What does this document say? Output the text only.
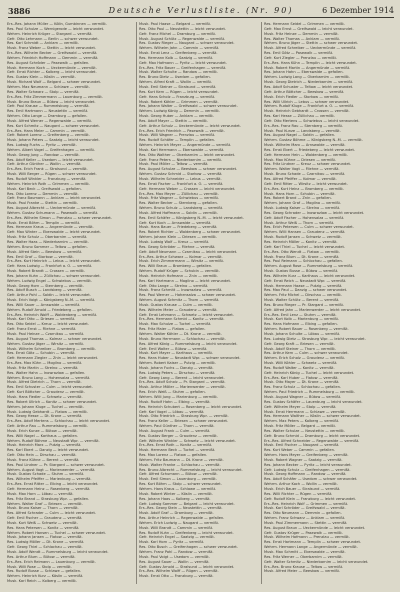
3886	Deutsche Verlustliste. (Nr. 90)	6 Dezember 1914
Ers.-Res. Johann Müller — Kölln, Gumbinnen — vermißt.
Res. Paul Schulze — Wernigerode — leicht verwundet.
Wehrm. Heinrich Krüger — Stargard — vermißt.
Gefr. Otto Lehmann — Berlin — schwer verwundet.
Res. Karl Schmidt — Anklam — vermißt.
Musk. Franz Weber — Stettin — leicht verwundet.
Ers.-Res. Wilhelm Becker — Greifswald — vermißt.
Wehrm. Friedrich Hoffmann — Demmin — vermißt.
Res. August Schröder — Pasewalk — gefallen.
Musk. Hermann Koch — Ueckermünde — vermißt.
Gefr. Ernst Richter — Kolberg — leicht verwundet.
Res. Gustav Klein — Köslin — vermißt.
Musk. Richard Wolf — Belgard — schwer verwundet.
Wehrm. Max Neumann — Schlawe — vermißt.
Res. Walter Schwarz — Stolp — vermißt.
Ers.-Res. Fritz Zimmermann — Lauenburg — vermißt.
Musk. Bruno Braun — Bütow — leicht verwundet.
Gefr. Paul Krause — Rummelsburg — vermißt.
Res. Emil Hartmann — Neustettin — vermißt.
Wehrm. Otto Lange — Dramburg — gefallen.
Musk. Alfred Werner — Regenwalde — vermißt.
Res. Kurt Schmitz — Naugard — schwer verwundet.
Ers.-Res. Hans Meier — Cammin — vermißt.
Gefr. Robert Lorenz — Greifenberg — vermißt.
Musk. Johann Peters — Saatzig — leicht verwundet.
Res. Ludwig Fuchs — Pyritz — vermißt.
Wehrm. Albert Vogel — Greifenhagen — vermißt.
Musk. Georg Jung — Randow — vermißt.
Res. Adolf Keller — Usedom — leicht verwundet.
Gefr. Arthur Günther — Wollin — vermißt.
Ers.-Res. Erich Frank — Stralsund — vermißt.
Musk. Willi Berger — Rügen — schwer verwundet.
Res. Rudolf Winkler — Franzburg — vermißt.
Wehrm. Heinrich Roth — Grimmen — vermißt.
Musk. Karl Beck — Greifswald — gefallen.
Res. Otto Lorenz — Demmin — vermißt.
Gefr. Franz Baumann — Anklam — leicht verwundet.
Musk. Paul Franke — Stettin — vermißt.
Res. August Albrecht — Ueckermünde — vermißt.
Wehrm. Gustav Schumann — Pasewalk — vermißt.
Ers.-Res. Wilhelm Simon — Prenzlau — schwer verwundet.
Musk. Ernst Böhm — Templin — vermißt.
Res. Hermann Kraus — Angermünde — vermißt.
Gefr. Max Winter — Eberswalde — leicht verwundet.
Musk. Fritz Schulz — Oberbarnim — vermißt.
Res. Walter Haas — Niederbarnim — vermißt.
Wehrm. Bruno Sommer — Teltow — gefallen.
Musk. Alfred Stein — Beeskow — vermißt.
Res. Emil Graf — Storkow — vermißt.
Ers.-Res. Kurt Heinrich — Lebus — leicht verwundet.
Gefr. Hans Ludwig — Frankfurt a. O. — vermißt.
Musk. Robert Brandt — Crossen — vermißt.
Res. Johann Kuhn — Züllichau — schwer verwundet.
Wehrm. Ludwig Engel — Schwiebus — vermißt.
Musk. Georg Horn — Sternberg — vermißt.
Res. Adolf Busch — Landsberg — vermißt.
Gefr. Arthur Pohl — Soldin — leicht verwundet.
Musk. Erich Voigt — Königsberg N.-M. — vermißt.
Res. Willi Sauer — Arnswalde — vermißt.
Wehrm. Rudolf Arnold — Friedeberg — gefallen.
Ers.-Res. Heinrich Wolff — Woldenberg — vermißt.
Musk. Karl Otto — Driesen — vermißt.
Res. Otto Seidel — Kreuz — leicht verwundet.
Gefr. Franz Ernst — Filehne — vermißt.
Musk. Paul Heinze — Czarnikau — vermißt.
Res. August Thomas — Kolmar — schwer verwundet.
Wehrm. Gustav Jäger — Wirsitz — vermißt.
Musk. Wilhelm Schreiber — Bromberg — vermißt.
Res. Ernst Götz — Schubin — vermißt.
Gefr. Hermann Ziegler — Znin — leicht verwundet.
Ers.-Res. Max Kühn — Mogilno — vermißt.
Musk. Fritz Martin — Strelno — vermißt.
Res. Walter Hahn — Inowrazlaw — gefallen.
Wehrm. Bruno Lang — Hohensalza — vermißt.
Musk. Alfred Dietrich — Thorn — vermißt.
Res. Emil Schuster — Culm — leicht verwundet.
Gefr. Kurt Böttcher — Graudenz — vermißt.
Musk. Hans Fiedler — Schwetz — vermißt.
Res. Robert Ullrich — Konitz — schwer verwundet.
Wehrm. Johann Kluge — Tuchel — vermißt.
Musk. Ludwig Gebhardt — Flatow — vermißt.
Res. Georg Hesse — Dt. Krone — vermißt.
Ers.-Res. Adolf Mertens — Schlochau — leicht verwundet.
Gefr. Arthur Rau — Rummelsburg — vermißt.
Musk. Erich Kunze — Bütow — vermißt.
Res. Willi Nagel — Karthaus — gefallen.
Wehrm. Rudolf Böhme — Neustadt Wpr. — vermißt.
Musk. Heinrich Marx — Putzig — vermißt.
Res. Karl Ebert — Danzig — leicht verwundet.
Gefr. Otto Hein — Dirschau — vermißt.
Musk. Franz Kühne — Berent — vermißt.
Res. Paul Lindner — Pr. Stargard — schwer verwundet.
Wehrm. August Vogt — Marienwerder — vermißt.
Musk. Gustav Schade — Stuhm — vermißt.
Res. Wilhelm Pfeiffer — Marienburg — vermißt.
Ers.-Res. Ernst Ritter — Elbing — leicht verwundet.
Gefr. Hermann Heinz — Rosenberg — vermißt.
Musk. Max Horn — Löbau — vermißt.
Res. Fritz Brand — Strasburg Wpr. — gefallen.
Wehrm. Walter Graf — Briesen — vermißt.
Musk. Bruno Kaiser — Thorn — vermißt.
Res. Alfred Schrader — Culm — leicht verwundet.
Gefr. Emil Fischer — Graudenz — vermißt.
Musk. Kurt Weiß — Schwetz — vermißt.
Res. Hans Petersen — Konitz — vermißt.
Wehrm. Robert Hansen — Tuchel — schwer verwundet.
Musk. Johann Jansen — Flatow — vermißt.
Res. Ludwig Möller — Dt. Krone — vermißt.
Gefr. Georg Thiel — Schlochau — vermißt.
Musk. Adolf Wendt — Rummelsburg — leicht verwundet.
Res. Arthur Blum — Bütow — vermißt.
Ers.-Res. Erich Reimann — Lauenburg — vermißt.
Musk. Willi Rose — Stolp — vermißt.
Res. Rudolf Busse — Schlawe — gefallen.
Wehrm. Heinrich Kurz — Köslin — vermißt.
Musk. Karl Reich — Kolberg — vermißt.
Musk. Paul Haase — Belgard — vermißt.
Res. Otto Paul — Neustettin — leicht verwundet.
Gefr. Franz Michel — Dramburg — vermißt.
Musk. August Schütz — Regenwalde — vermißt.
Res. Gustav Rieger — Naugard — schwer verwundet.
Wehrm. Wilhelm Jahn — Cammin — vermißt.
Musk. Ernst Lenz — Greifenberg — vermißt.
Res. Hermann Kolb — Saatzig — vermißt.
Gefr. Max Hofmann — Pyritz — leicht verwundet.
Ers.-Res. Fritz Bauer — Greifenhagen — vermißt.
Musk. Walter Schulte — Randow — vermißt.
Res. Bruno Dietz — Usedom — gefallen.
Wehrm. Alfred Kraft — Wollin — vermißt.
Musk. Emil Steiner — Stralsund — vermißt.
Res. Kurt Kern — Rügen — leicht verwundet.
Gefr. Hans Scholz — Franzburg — vermißt.
Musk. Robert Köhler — Grimmen — vermißt.
Res. Johann Walter — Greifswald — schwer verwundet.
Wehrm. Ludwig König — Demmin — vermißt.
Musk. Georg Huber — Anklam — vermißt.
Res. Adolf Mayer — Stettin — vermißt.
Gefr. Arthur Schulz — Ueckermünde — leicht verwundet.
Ers.-Res. Erich Friedrich — Pasewalk — vermißt.
Musk. Willi Wagner — Prenzlau — vermißt.
Res. Rudolf Schäfer — Templin — gefallen.
Wehrm. Heinrich Meyer — Angermünde — vermißt.
Musk. Karl Herrmann — Eberswalde — vermißt.
Res. Otto Walther — Oberbarnim — leicht verwundet.
Gefr. Franz Peters — Niederbarnim — vermißt.
Musk. Paul Möller — Teltow — vermißt.
Res. August Schulze — Beeskow — schwer verwundet.
Wehrm. Gustav Schmid — Storkow — vermißt.
Musk. Wilhelm Schneider — Lebus — vermißt.
Res. Ernst Fischer — Frankfurt a. O. — vermißt.
Gefr. Hermann Weber — Crossen — leicht verwundet.
Ers.-Res. Max Meyer — Züllichau — vermißt.
Musk. Fritz Wagner — Schwiebus — vermißt.
Res. Walter Becker — Sternberg — gefallen.
Wehrm. Bruno Schulz — Landsberg — vermißt.
Musk. Alfred Hoffmann — Soldin — vermißt.
Res. Emil Schäfer — Königsberg N.-M. — leicht verwundet.
Gefr. Kurt Koch — Arnswalde — vermißt.
Musk. Hans Bauer — Friedeberg — vermißt.
Res. Robert Richter — Woldenberg — schwer verwundet.
Wehrm. Johann Klein — Driesen — vermißt.
Musk. Ludwig Wolf — Kreuz — vermißt.
Res. Georg Schröder — Filehne — vermißt.
Gefr. Adolf Neumann — Czarnikau — leicht verwundet.
Ers.-Res. Arthur Schwarz — Kolmar — vermißt.
Musk. Erich Zimmermann — Wirsitz — vermißt.
Res. Willi Braun — Bromberg — gefallen.
Wehrm. Rudolf Krüger — Schubin — vermißt.
Musk. Heinrich Hofmann — Znin — vermißt.
Res. Karl Hartmann — Mogilno — leicht verwundet.
Gefr. Otto Lange — Strelno — vermißt.
Musk. Franz Schmitt — Inowrazlaw — vermißt.
Res. Paul Werner — Hohensalza — schwer verwundet.
Wehrm. August Schmitz — Thorn — vermißt.
Musk. Gustav Krause — Culm — vermißt.
Res. Wilhelm Meier — Graudenz — vermißt.
Gefr. Ernst Lehmann — Schwetz — leicht verwundet.
Ers.-Res. Hermann Schmid — Konitz — vermißt.
Musk. Max Schulze — Tuchel — vermißt.
Res. Fritz Maier — Flatow — gefallen.
Wehrm. Walter Köhler — Dt. Krone — vermißt.
Musk. Bruno Herrmann — Schlochau — vermißt.
Res. Alfred König — Rummelsburg — leicht verwundet.
Gefr. Emil Walter — Bütow — vermißt.
Musk. Kurt Mayer — Karthaus — vermißt.
Res. Hans Huber — Neustadt Wpr. — schwer verwundet.
Wehrm. Robert Kaiser — Putzig — vermißt.
Musk. Johann Fuchs — Danzig — vermißt.
Res. Ludwig Peters — Dirschau — vermißt.
Gefr. Georg Lang — Berent — leicht verwundet.
Ers.-Res. Adolf Scholz — Pr. Stargard — vermißt.
Musk. Arthur Möller — Marienwerder — vermißt.
Res. Erich Weiß — Stuhm — gefallen.
Wehrm. Willi Jung — Marienburg — vermißt.
Musk. Rudolf Hahn — Elbing — vermißt.
Res. Heinrich Schubert — Rosenberg — leicht verwundet.
Gefr. Karl Vogel — Löbau — vermißt.
Musk. Otto Friedrich — Strasburg Wpr. — vermißt.
Res. Franz Keller — Briesen — schwer verwundet.
Wehrm. Paul Günther — Thorn — vermißt.
Musk. August Frank — Culm — vermißt.
Res. Gustav Berger — Graudenz — vermißt.
Gefr. Wilhelm Winkler — Schwetz — leicht verwundet.
Ers.-Res. Ernst Roth — Konitz — vermißt.
Musk. Hermann Beck — Tuchel — vermißt.
Res. Max Lorenz — Flatow — gefallen.
Wehrm. Fritz Baumann — Dt. Krone — vermißt.
Musk. Walter Franke — Schlochau — vermißt.
Res. Bruno Albrecht — Rummelsburg — leicht verwundet.
Gefr. Alfred Schumann — Bütow — vermißt.
Musk. Emil Simon — Lauenburg — vermißt.
Res. Kurt Böhm — Stolp — schwer verwundet.
Wehrm. Hans Kraus — Schlawe — vermißt.
Musk. Robert Winter — Köslin — vermißt.
Res. Johann Haas — Kolberg — vermißt.
Gefr. Ludwig Sommer — Belgard — leicht verwundet.
Ers.-Res. Georg Stein — Neustettin — vermißt.
Musk. Adolf Graf — Dramburg — vermißt.
Res. Arthur Heinrich — Regenwalde — gefallen.
Wehrm. Erich Ludwig — Naugard — vermißt.
Musk. Willi Brandt — Cammin — vermißt.
Res. Rudolf Kuhn — Greifenberg — leicht verwundet.
Gefr. Heinrich Engel — Saatzig — vermißt.
Musk. Karl Horn — Pyritz — vermißt.
Res. Otto Busch — Greifenhagen — schwer verwundet.
Wehrm. Franz Pohl — Randow — vermißt.
Musk. Paul Voigt — Usedom — vermißt.
Res. August Sauer — Wollin — vermißt.
Gefr. Gustav Arnold — Stralsund — leicht verwundet.
Ers.-Res. Wilhelm Wolff — Rügen — vermißt.
Musk. Ernst Otto — Franzburg — vermißt.
Res. Hermann Seidel — Grimmen — vermißt.
Gefr. Max Ernst — Greifswald — leicht verwundet.
Musk. Fritz Heinze — Demmin — vermißt.
Res. Walter Thomas — Anklam — vermißt.
Wehrm. Bruno Jäger — Stettin — schwer verwundet.
Musk. Alfred Schreiber — Ueckermünde — vermißt.
Res. Emil Götz — Pasewalk — vermißt.
Gefr. Kurt Ziegler — Prenzlau — vermißt.
Ers.-Res. Hans Kühn — Templin — leicht verwundet.
Musk. Robert Martin — Angermünde — vermißt.
Res. Johann Hahn — Eberswalde — gefallen.
Wehrm. Ludwig Lang — Oberbarnim — vermißt.
Musk. Georg Dietrich — Niederbarnim — vermißt.
Res. Adolf Schuster — Teltow — leicht verwundet.
Gefr. Arthur Böttcher — Beeskow — vermißt.
Musk. Erich Fiedler — Storkow — vermißt.
Res. Willi Ullrich — Lebus — schwer verwundet.
Wehrm. Rudolf Kluge — Frankfurt a. O. — vermißt.
Musk. Heinrich Gebhardt — Crossen — vermißt.
Res. Karl Hesse — Züllichau — vermißt.
Gefr. Otto Mertens — Schwiebus — leicht verwundet.
Ers.-Res. Franz Rau — Sternberg — vermißt.
Musk. Paul Kunze — Landsberg — vermißt.
Res. August Nagel — Soldin — gefallen.
Wehrm. Gustav Böhme — Königsberg N.-M. — vermißt.
Musk. Wilhelm Marx — Arnswalde — vermißt.
Res. Ernst Ebert — Friedeberg — leicht verwundet.
Gefr. Hermann Hein — Woldenberg — vermißt.
Musk. Max Kühne — Driesen — vermißt.
Res. Fritz Lindner — Kreuz — schwer verwundet.
Wehrm. Walter Vogt — Filehne — vermißt.
Musk. Bruno Schade — Czarnikau — vermißt.
Res. Alfred Pfeiffer — Kolmar — vermißt.
Gefr. Emil Ritter — Wirsitz — leicht verwundet.
Ers.-Res. Kurt Heinz — Bromberg — vermißt.
Musk. Hans Horn — Schubin — vermißt.
Res. Robert Brand — Znin — gefallen.
Wehrm. Johann Graf — Mogilno — vermißt.
Musk. Ludwig Kaiser — Strelno — vermißt.
Res. Georg Schrader — Inowrazlaw — leicht verwundet.
Gefr. Adolf Fischer — Hohensalza — vermißt.
Musk. Arthur Weiß — Thorn — vermißt.
Res. Erich Petersen — Culm — schwer verwundet.
Wehrm. Willi Hansen — Graudenz — vermißt.
Musk. Rudolf Jansen — Schwetz — vermißt.
Res. Heinrich Möller — Konitz — vermißt.
Gefr. Karl Thiel — Tuchel — leicht verwundet.
Ers.-Res. Otto Wendt — Flatow — vermißt.
Musk. Franz Blum — Dt. Krone — vermißt.
Res. Paul Reimann — Schlochau — gefallen.
Wehrm. August Rose — Rummelsburg — vermißt.
Musk. Gustav Busse — Bütow — vermißt.
Res. Wilhelm Kurz — Karthaus — leicht verwundet.
Gefr. Ernst Reich — Neustadt Wpr. — vermißt.
Musk. Hermann Haase — Putzig — vermißt.
Res. Max Paul — Danzig — schwer verwundet.
Wehrm. Fritz Michel — Dirschau — vermißt.
Musk. Walter Schütz — Berent — vermißt.
Res. Bruno Rieger — Pr. Stargard — vermißt.
Gefr. Alfred Jahn — Marienwerder — leicht verwundet.
Ers.-Res. Emil Lenz — Stuhm — vermißt.
Musk. Kurt Kolb — Marienburg — vermißt.
Res. Hans Hofmann — Elbing — gefallen.
Wehrm. Robert Bauer — Rosenberg — vermißt.
Musk. Johann Schulte — Löbau — vermißt.
Res. Ludwig Dietz — Strasburg Wpr. — leicht verwundet.
Gefr. Georg Kraft — Briesen — vermißt.
Musk. Adolf Steiner — Thorn — vermißt.
Res. Arthur Kern — Culm — schwer verwundet.
Wehrm. Erich Scholz — Graudenz — vermißt.
Musk. Willi Köhler — Schwetz — vermißt.
Res. Rudolf Walter — Konitz — vermißt.
Gefr. Heinrich König — Tuchel — leicht verwundet.
Ers.-Res. Karl Huber — Flatow — vermißt.
Musk. Otto Mayer — Dt. Krone — vermißt.
Res. Franz Schulz — Schlochau — gefallen.
Wehrm. Paul Friedrich — Rummelsburg — vermißt.
Musk. August Wagner — Bütow — vermißt.
Res. Gustav Schäfer — Lauenburg — leicht verwundet.
Gefr. Wilhelm Meyer — Stolp — vermißt.
Musk. Ernst Herrmann — Schlawe — vermißt.
Res. Hermann Walther — Köslin — schwer verwundet.
Wehrm. Max Peters — Kolberg — vermißt.
Musk. Fritz Möller — Belgard — vermißt.
Res. Walter Schulze — Neustettin — vermißt.
Gefr. Bruno Schmid — Dramburg — leicht verwundet.
Ers.-Res. Alfred Schneider — Regenwalde — vermißt.
Musk. Emil Fischer — Naugard — vermißt.
Res. Kurt Weber — Cammin — gefallen.
Wehrm. Hans Meyer — Greifenberg — vermißt.
Musk. Robert Wagner — Saatzig — vermißt.
Res. Johann Becker — Pyritz — leicht verwundet.
Gefr. Ludwig Schulz — Greifenhagen — vermißt.
Musk. Georg Hoffmann — Randow — vermißt.
Res. Adolf Schäfer — Usedom — schwer verwundet.
Wehrm. Arthur Koch — Wollin — vermißt.
Musk. Erich Bauer — Stralsund — vermißt.
Res. Willi Richter — Rügen — vermißt.
Gefr. Rudolf Klein — Franzburg — leicht verwundet.
Ers.-Res. Heinrich Wolf — Grimmen — vermißt.
Musk. Karl Schröder — Greifswald — vermißt.
Res. Otto Neumann — Demmin — gefallen.
Wehrm. Franz Schwarz — Anklam — vermißt.
Musk. Paul Zimmermann — Stettin — vermißt.
Res. August Braun — Ueckermünde — leicht verwundet.
Gefr. Gustav Krüger — Pasewalk — vermißt.
Musk. Wilhelm Hofmann — Prenzlau — vermißt.
Res. Ernst Hartmann — Templin — schwer verwundet.
Wehrm. Hermann Lange — Angermünde — vermißt.
Musk. Max Schmitt — Eberswalde — vermißt.
Res. Fritz Werner — Oberbarnim — vermißt.
Gefr. Walter Schmitz — Niederbarnim — leicht verwundet.
Ers.-Res. Bruno Krause — Teltow — vermißt.
Musk. Alfred Meier — Beeskow — vermißt.
